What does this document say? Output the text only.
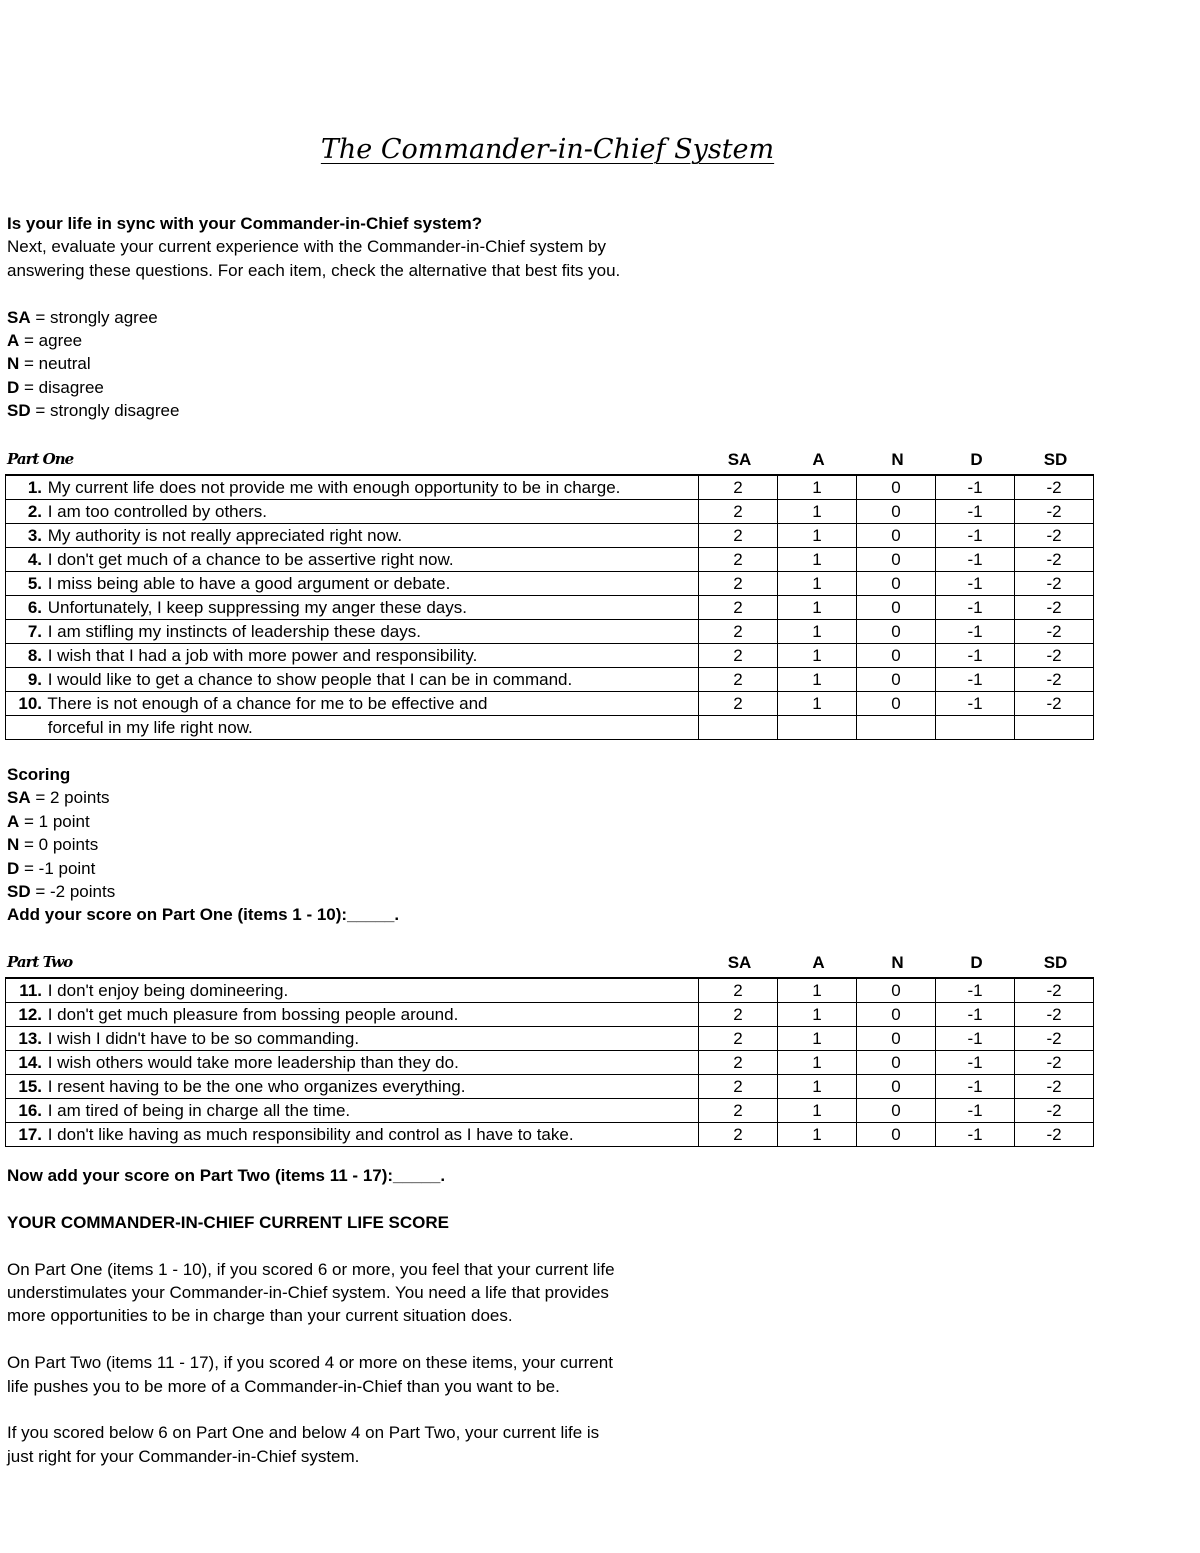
The Commander-in-Chief System

Is your life in sync with your Commander-in-Chief system?

Next, evaluate your current experience with the Commander-in-Chief system by

answering these questions. For each item, check the alternative that best fits you.

SA = strongly agree

A = agree

N = neutral

D = disagree

SD = strongly disagree

Part One	SA	A	N	D	SD
1. My current life does not provide me with enough opportunity to be in charge.	2	1	0	-1	-2
2. I am too controlled by others.	2	1	0	-1	-2
3. My authority is not really appreciated right now.	2	1	0	-1	-2
4. I don't get much of a chance to be assertive right now.	2	1	0	-1	-2
5. I miss being able to have a good argument or debate.	2	1	0	-1	-2
6. Unfortunately, I keep suppressing my anger these days.	2	1	0	-1	-2
7. I am stifling my instincts of leadership these days.	2	1	0	-1	-2
8. I wish that I had a job with more power and responsibility.	2	1	0	-1	-2
9. I would like to get a chance to show people that I can be in command.	2	1	0	-1	-2
10. There is not enough of a chance for me to be effective and	2	1	0	-1	-2
forceful in my life right now.					

Scoring

SA = 2 points

A = 1 point

N = 0 points

D = -1 point

SD = -2 points

Add your score on Part One (items 1 - 10):_____.

Part Two	SA	A	N	D	SD
11. I don't enjoy being domineering.	2	1	0	-1	-2
12. I don't get much pleasure from bossing people around.	2	1	0	-1	-2
13. I wish I didn't have to be so commanding.	2	1	0	-1	-2
14. I wish others would take more leadership than they do.	2	1	0	-1	-2
15. I resent having to be the one who organizes everything.	2	1	0	-1	-2
16. I am tired of being in charge all the time.	2	1	0	-1	-2
17. I don't like having as much responsibility and control as I have to take.	2	1	0	-1	-2

Now add your score on Part Two (items 11 - 17):_____.

YOUR COMMANDER-IN-CHIEF CURRENT LIFE SCORE

On Part One (items 1 - 10), if you scored 6 or more, you feel that your current life

understimulates your Commander-in-Chief system. You need a life that provides

more opportunities to be in charge than your current situation does.

On Part Two (items 11 - 17), if you scored 4 or more on these items, your current

life pushes you to be more of a Commander-in-Chief than you want to be.

If you scored below 6 on Part One and below 4 on Part Two, your current life is

just right for your Commander-in-Chief system.
